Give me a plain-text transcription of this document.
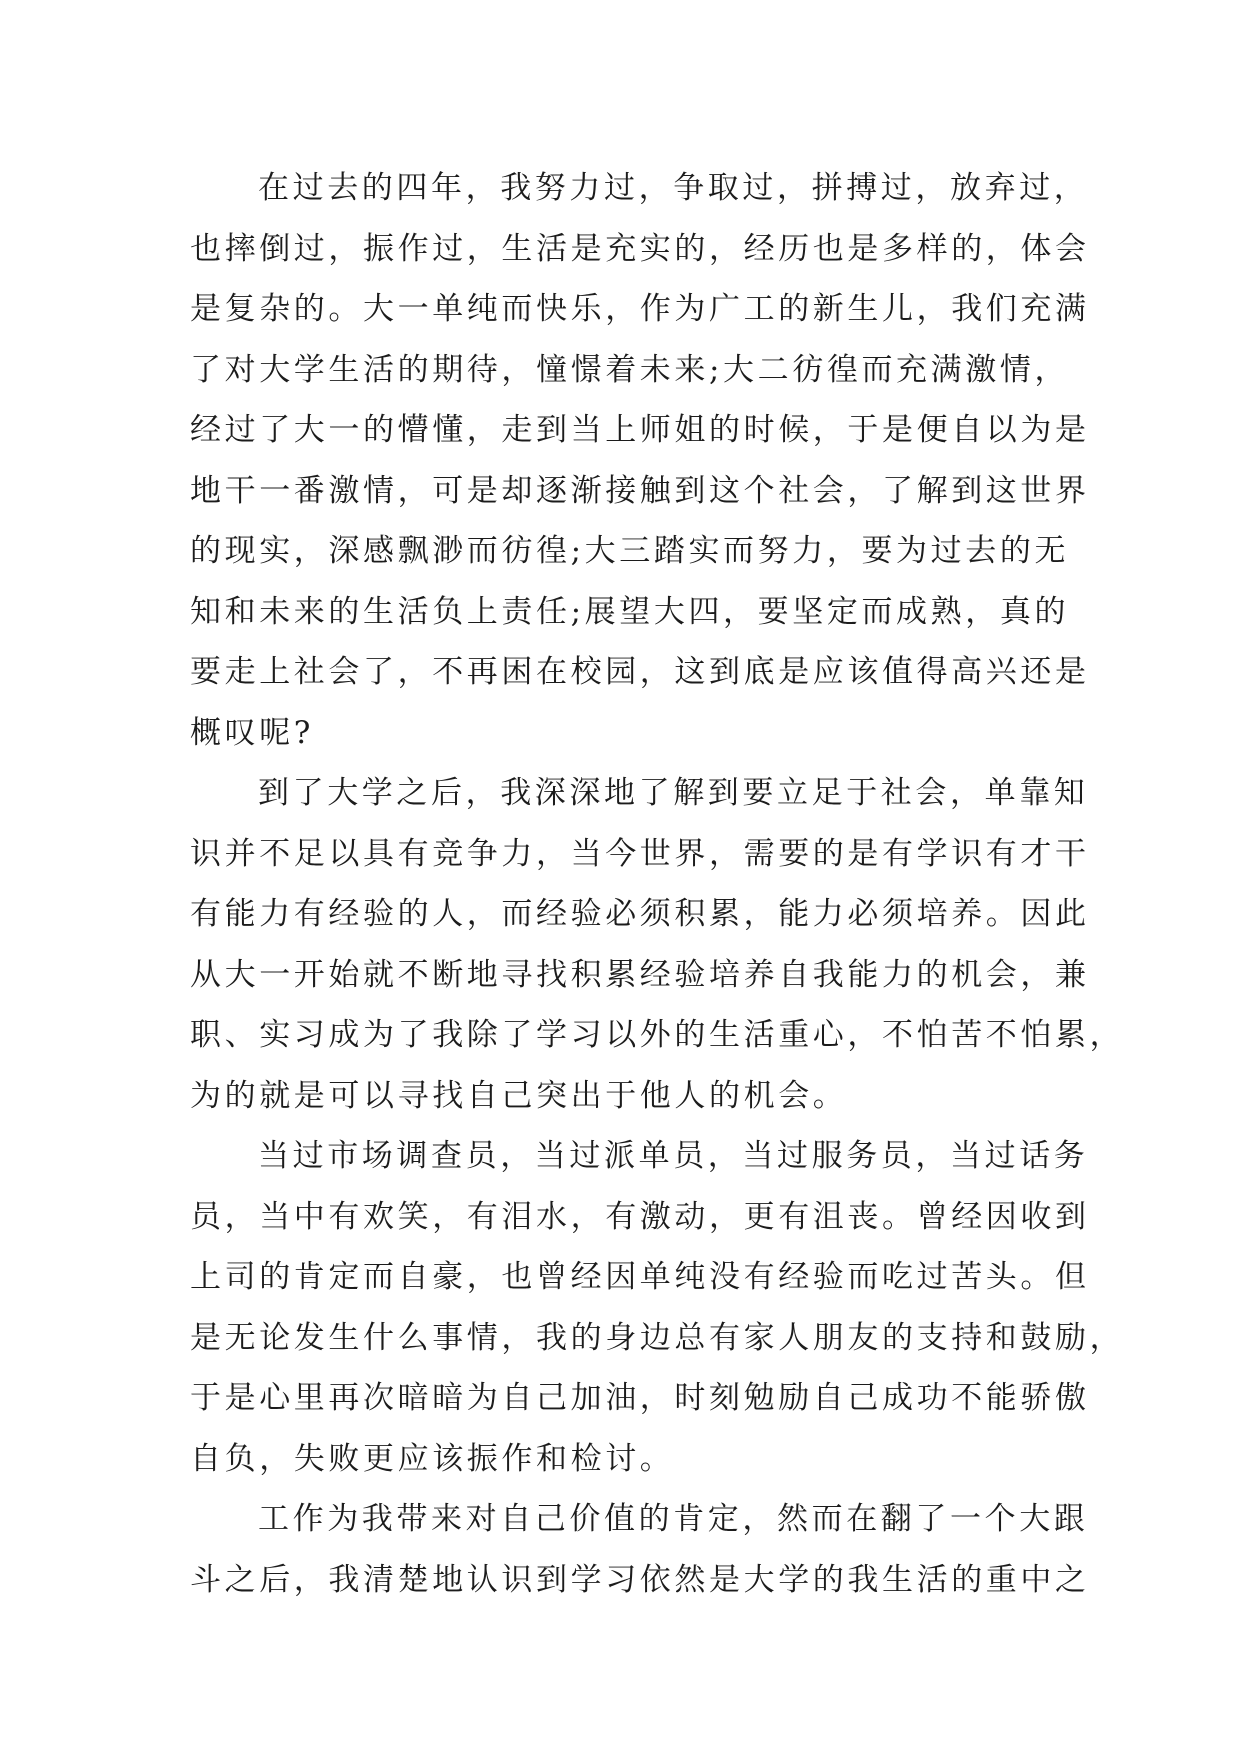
在过去的四年，我努力过，争取过，拼搏过，放弃过，
也摔倒过，振作过，生活是充实的，经历也是多样的，体会
是复杂的。大一单纯而快乐，作为广工的新生儿，我们充满
了对大学生活的期待，憧憬着未来;大二彷徨而充满激情，
经过了大一的懵懂，走到当上师姐的时候，于是便自以为是
地干一番激情，可是却逐渐接触到这个社会，了解到这世界
的现实，深感飘渺而彷徨;大三踏实而努力，要为过去的无
知和未来的生活负上责任;展望大四，要坚定而成熟，真的
要走上社会了，不再困在校园，这到底是应该值得高兴还是
概叹呢?
到了大学之后，我深深地了解到要立足于社会，单靠知
识并不足以具有竞争力，当今世界，需要的是有学识有才干
有能力有经验的人，而经验必须积累，能力必须培养。因此
从大一开始就不断地寻找积累经验培养自我能力的机会，兼
职、实习成为了我除了学习以外的生活重心，不怕苦不怕累，
为的就是可以寻找自己突出于他人的机会。
当过市场调查员，当过派单员，当过服务员，当过话务
员，当中有欢笑，有泪水，有激动，更有沮丧。曾经因收到
上司的肯定而自豪，也曾经因单纯没有经验而吃过苦头。但
是无论发生什么事情，我的身边总有家人朋友的支持和鼓励，
于是心里再次暗暗为自己加油，时刻勉励自己成功不能骄傲
自负，失败更应该振作和检讨。
工作为我带来对自己价值的肯定，然而在翻了一个大跟
斗之后，我清楚地认识到学习依然是大学的我生活的重中之
